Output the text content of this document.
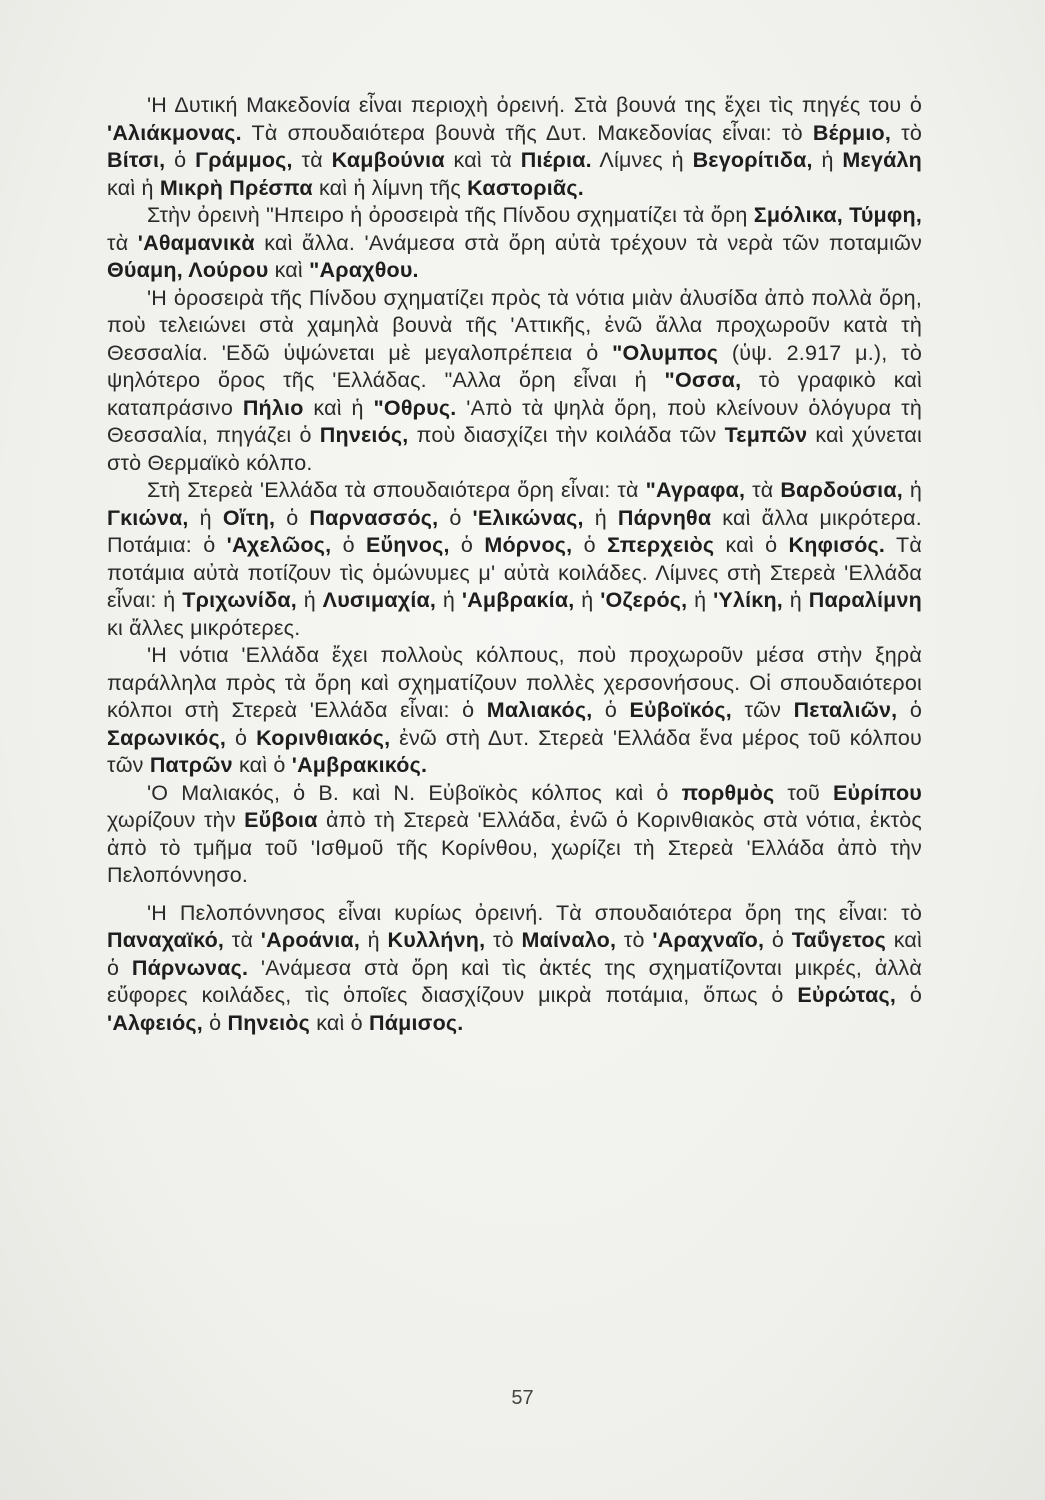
'Η Δυτική Μακεδονία εἶναι περιοχὴ ὀρεινή. Στὰ βουνά της ἔχει τὶς πηγές του ὁ 'Αλιάκμονας. Τὰ σπουδαιότερα βουνὰ τῆς Δυτ. Μακεδονίας εἶναι: τὸ Βέρμιο, τὸ Βίτσι, ὁ Γράμμος, τὰ Καμβούνια καὶ τὰ Πιέρια. Λίμνες ἡ Βεγορίτιδα, ἡ Μεγάλη καὶ ἡ Μικρὴ Πρέσπα καὶ ἡ λίμνη τῆς Καστοριᾶς.

Στὴν ὀρεινὴ "Ηπειρο ἡ ὀροσειρὰ τῆς Πίνδου σχηματίζει τὰ ὄρη Σμόλικα, Τύμφη, τὰ 'Αθαμανικὰ καὶ ἄλλα. 'Ανάμεσα στὰ ὄρη αὐτὰ τρέχουν τὰ νερὰ τῶν ποταμιῶν Θύαμη, Λούρου καὶ "Αραχθου.

'Η ὀροσειρὰ τῆς Πίνδου σχηματίζει πρὸς τὰ νότια μιὰν ἀλυσίδα ἀπὸ πολλὰ ὄρη, ποὺ τελειώνει στὰ χαμηλὰ βουνὰ τῆς 'Αττικῆς, ἐνῶ ἄλλα προχωροῦν κατὰ τὴ Θεσσαλία. 'Εδῶ ὑψώνεται μὲ μεγαλοπρέπεια ὁ "Ολυμπος (ὑψ. 2.917 μ.), τὸ ψηλότερο ὄρος τῆς 'Ελλάδας. "Αλλα ὄρη εἶναι ἡ "Οσσα, τὸ γραφικὸ καὶ καταπράσινο Πήλιο καὶ ἡ "Οθρυς. 'Απὸ τὰ ψηλὰ ὄρη, ποὺ κλείνουν ὁλόγυρα τὴ Θεσσαλία, πηγάζει ὁ Πηνειός, ποὺ διασχίζει τὴν κοιλάδα τῶν Τεμπῶν καὶ χύνεται στὸ Θερμαϊκὸ κόλπο.

Στὴ Στερεὰ 'Ελλάδα τὰ σπουδαιότερα ὄρη εἶναι: τὰ "Αγραφα, τὰ Βαρδούσια, ἡ Γκιώνα, ἡ Οἴτη, ὁ Παρνασσός, ὁ 'Ελικώνας, ἡ Πάρνηθα καὶ ἄλλα μικρότερα. Ποτάμια: ὁ 'Αχελῶος, ὁ Εὔηνος, ὁ Μόρνος, ὁ Σπερχειὸς καὶ ὁ Κηφισός. Τὰ ποτάμια αὐτὰ ποτίζουν τὶς ὁμώνυμες μ' αὐτὰ κοιλάδες. Λίμνες στὴ Στερεὰ 'Ελλάδα εἶναι: ἡ Τριχωνίδα, ἡ Λυσιμαχία, ἡ 'Αμβρακία, ἡ 'Οζερός, ἡ 'Υλίκη, ἡ Παραλίμνη κι ἄλλες μικρότερες.

'Η νότια 'Ελλάδα ἔχει πολλοὺς κόλπους, ποὺ προχωροῦν μέσα στὴν ξηρὰ παράλληλα πρὸς τὰ ὄρη καὶ σχηματίζουν πολλὲς χερσονήσους. Οἱ σπουδαιότεροι κόλποι στὴ Στερεὰ 'Ελλάδα εἶναι: ὁ Μαλιακός, ὁ Εὐβοϊκός, τῶν Πεταλιῶν, ὁ Σαρωνικός, ὁ Κορινθιακός, ἐνῶ στὴ Δυτ. Στερεὰ 'Ελλάδα ἕνα μέρος τοῦ κόλπου τῶν Πατρῶν καὶ ὁ 'Αμβρακικός.

'Ο Μαλιακός, ὁ Β. καὶ Ν. Εὐβοϊκὸς κόλπος καὶ ὁ πορθμὸς τοῦ Εὐρίπου χωρίζουν τὴν Εὔβοια ἀπὸ τὴ Στερεὰ 'Ελλάδα, ἐνῶ ὁ Κορινθιακὸς στὰ νότια, ἐκτὸς ἀπὸ τὸ τμῆμα τοῦ 'Ισθμοῦ τῆς Κορίνθου, χωρίζει τὴ Στερεὰ 'Ελλάδα ἀπὸ τὴν Πελοπόννησο.

'Η Πελοπόννησος εἶναι κυρίως ὀρεινή. Τὰ σπουδαιότερα ὄρη της εἶναι: τὸ Παναχαϊκό, τὰ 'Αροάνια, ἡ Κυλλήνη, τὸ Μαίναλο, τὸ 'Αραχναῖο, ὁ Ταΰγετος καὶ ὁ Πάρνωνας. 'Ανάμεσα στὰ ὄρη καὶ τὶς ἀκτές της σχηματίζονται μικρές, ἀλλὰ εὔφορες κοιλάδες, τὶς ὁποῖες διασχίζουν μικρὰ ποτάμια, ὅπως ὁ Εὐρώτας, ὁ 'Αλφειός, ὁ Πηνειὸς καὶ ὁ Πάμισος.

57
